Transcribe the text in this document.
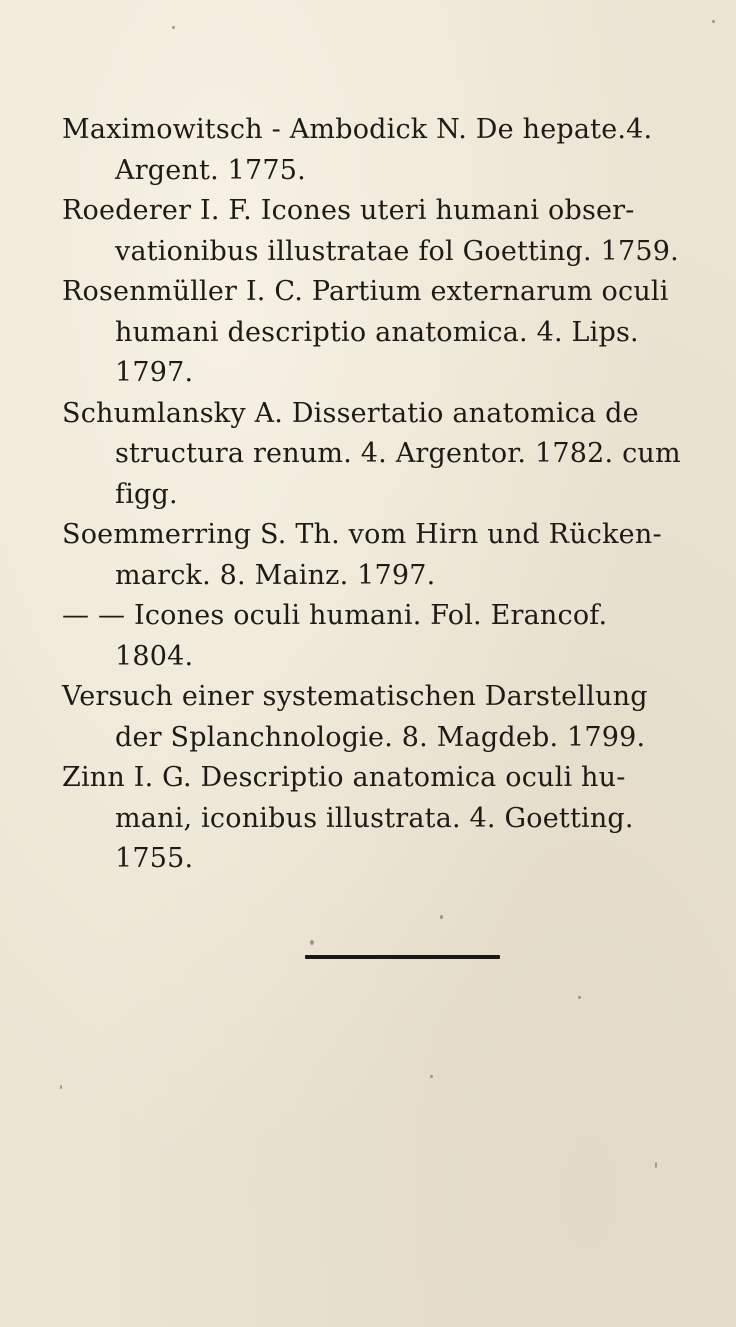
Maximowitsch - Ambodick N. De hepate.4.
Argent. 1775.
Roederer I. F. Icones uteri humani obser-
vationibus illustratae fol Goetting. 1759.
Rosenmüller I. C. Partium externarum oculi
humani descriptio anatomica. 4. Lips.
1797.
Schumlansky A. Dissertatio anatomica de
structura renum. 4. Argentor. 1782. cum
figg.
Soemmerring S. Th. vom Hirn und Rücken-
marck. 8. Mainz. 1797.
— — Icones oculi humani. Fol. Erancof.
1804.
Versuch einer systematischen Darstellung
der Splanchnologie. 8. Magdeb. 1799.
Zinn I. G. Descriptio anatomica oculi hu-
mani, iconibus illustrata. 4. Goetting.
1755.
